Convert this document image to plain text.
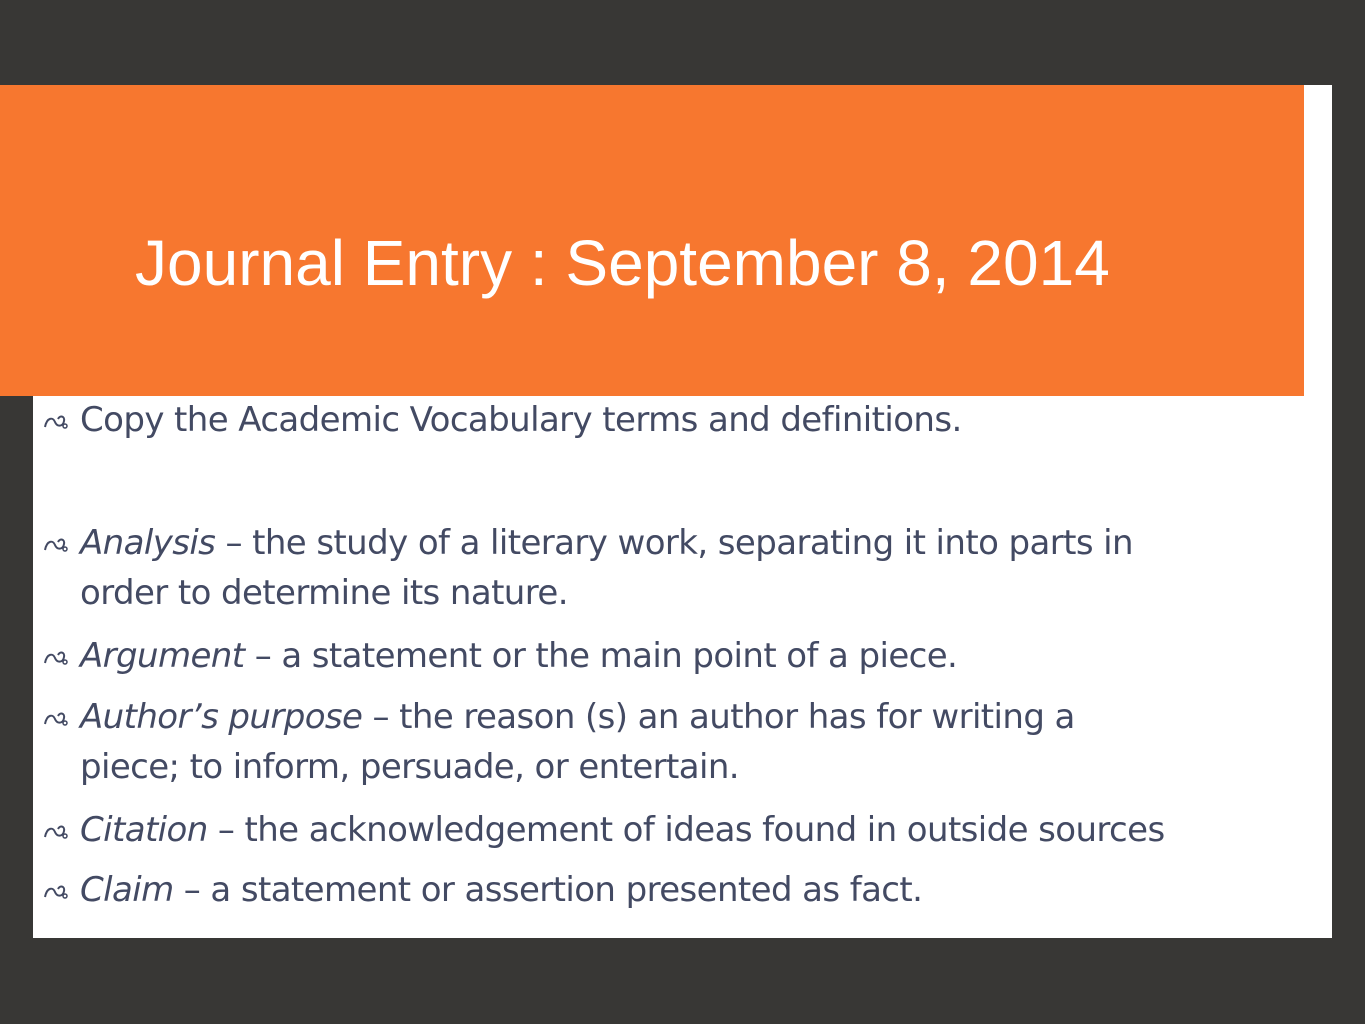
Journal Entry : September 8, 2014
Copy the Academic Vocabulary terms and definitions.
Analysis – the study of a literary work, separating it into parts in
order to determine its nature.
Argument – a statement or the main point of a piece.
Author’s purpose – the reason (s) an author has for writing a
piece; to inform, persuade, or entertain.
Citation – the acknowledgement of ideas found in outside sources
Claim – a statement or assertion presented as fact.
